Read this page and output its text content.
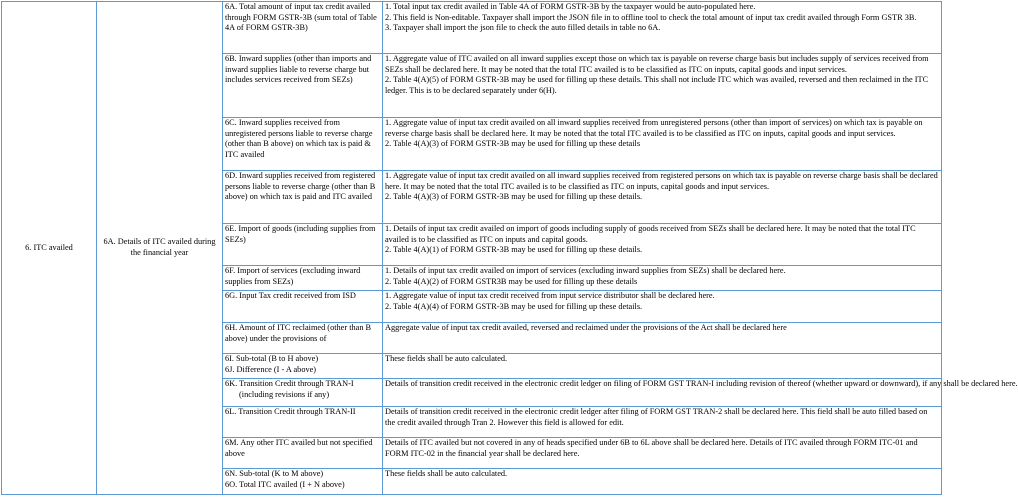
6. ITC availed	6A. Details of ITC availed during the financial year	6A. Total amount of input tax credit availed through FORM GSTR-3B (sum total of Table 4A of FORM GSTR-3B)	1. Total input tax credit availed in Table 4A of FORM GSTR-3B by the taxpayer would be auto-populated here.
2. This field is Non-editable. Taxpayer shall import the JSON file in to offline tool to check the total amount of input tax credit availed through Form GSTR 3B.
3. Taxpayer shall import the json file to check the auto filled details in table no 6A.

		6B. Inward supplies (other than imports and inward supplies liable to reverse charge but includes services received from SEZs)	1. Aggregate value of ITC availed on all inward supplies except those on which tax is payable on reverse charge basis but includes supply of services received from SEZs shall be declared here. It may be noted that the total ITC availed is to be classified as ITC on inputs, capital goods and input services.
2. Table 4(A)(5) of FORM GSTR-3B may be used for filling up these details. This shall not include ITC which was availed, reversed and then reclaimed in the ITC ledger. This is to be declared separately under 6(H).

		6C. Inward supplies received from unregistered persons liable to reverse charge (other than B above) on which tax is paid & ITC availed	1. Aggregate value of input tax credit availed on all inward supplies received from unregistered persons (other than import of services) on which tax is payable on reverse charge basis shall be declared here. It may be noted that the total ITC availed is to be classified as ITC on inputs, capital goods and input services.
2. Table 4(A)(3) of FORM GSTR-3B may be used for filling up these details

		6D. Inward supplies received from registered persons liable to reverse charge (other than B above) on which tax is paid and ITC availed	1. Aggregate value of input tax credit availed on all inward supplies received from registered persons on which tax is payable on reverse charge basis shall be declared here. It may be noted that the total ITC availed is to be classified as ITC on inputs, capital goods and input services.
2. Table 4(A)(3) of FORM GSTR-3B may be used for filling up these details.

		6E. Import of goods (including supplies from SEZs)	1. Details of input tax credit availed on import of goods including supply of goods received from SEZs shall be declared here. It may be noted that the total ITC availed is to be classified as ITC on inputs and capital goods.
2. Table 4(A)(1) of FORM GSTR-3B may be used for filling up these details.

		6F. Import of services (excluding inward supplies from SEZs)	1. Details of input tax credit availed on import of services (excluding inward supplies from SEZs) shall be declared here.
2. Table 4(A)(2) of FORM GSTR3B may be used for filling up these details

		6G. Input Tax credit received from ISD	1. Aggregate value of input tax credit received from input service distributor shall be declared here.
2. Table 4(A)(4) of FORM GSTR-3B may be used for filling up these details.

		6H. Amount of ITC reclaimed (other than B above) under the provisions of	Aggregate value of input tax credit availed, reversed and reclaimed under the provisions of the Act shall be declared here

		6I. Sub-total (B to H above)
6J. Difference (I - A above)	These fields shall be auto calculated.

		6K. Transition Credit through TRAN-I
(including revisions if any)	Details of transition credit received in the electronic credit ledger on filing of FORM GST TRAN-I including revision of thereof (whether upward or downward), if any shall be declared here.

		6L. Transition Credit through TRAN-II	Details of transition credit received in the electronic credit ledger after filing of FORM GST TRAN-2 shall be declared here. This field shall be auto filled based on the credit availed through Tran 2. However this field is allowed for edit.

		6M. Any other ITC availed but not specified above	Details of ITC availed but not covered in any of heads specified under 6B to 6L above shall be declared here. Details of ITC availed through FORM ITC-01 and FORM ITC-02 in the financial year shall be declared here.

		6N. Sub-total (K to M above)
6O. Total ITC availed (I + N above)	These fields shall be auto calculated.
